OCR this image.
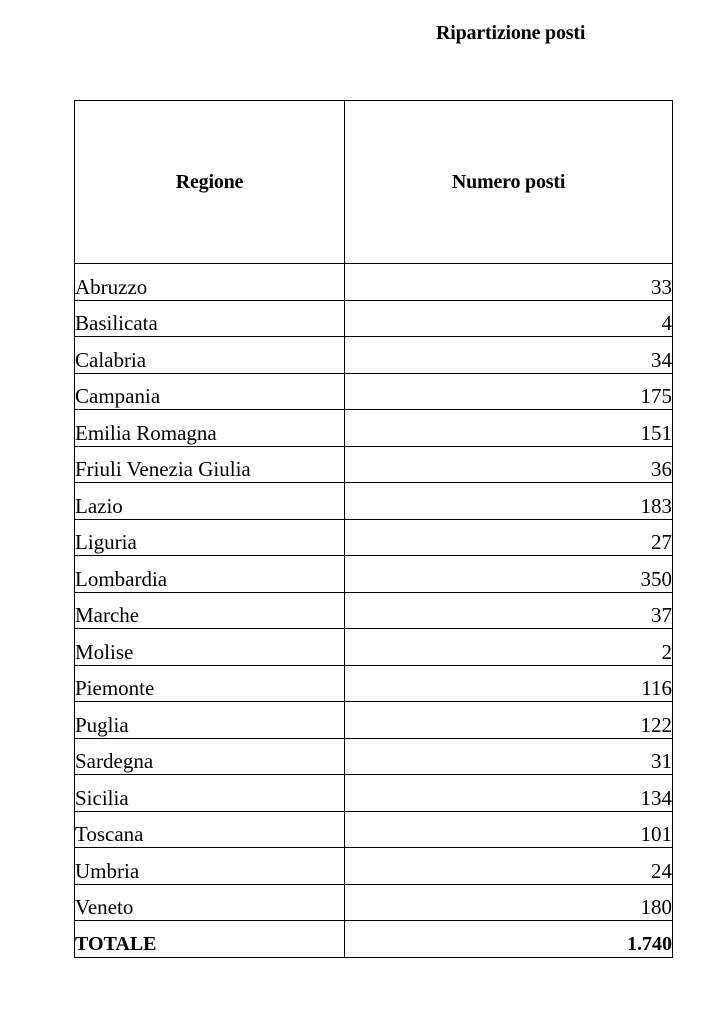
Ripartizione posti
Regione	Numero posti
Abruzzo	33
Basilicata	4
Calabria	34
Campania	175
Emilia Romagna	151
Friuli Venezia Giulia	36
Lazio	183
Liguria	27
Lombardia	350
Marche	37
Molise	2
Piemonte	116
Puglia	122
Sardegna	31
Sicilia	134
Toscana	101
Umbria	24
Veneto	180
TOTALE	1.740
